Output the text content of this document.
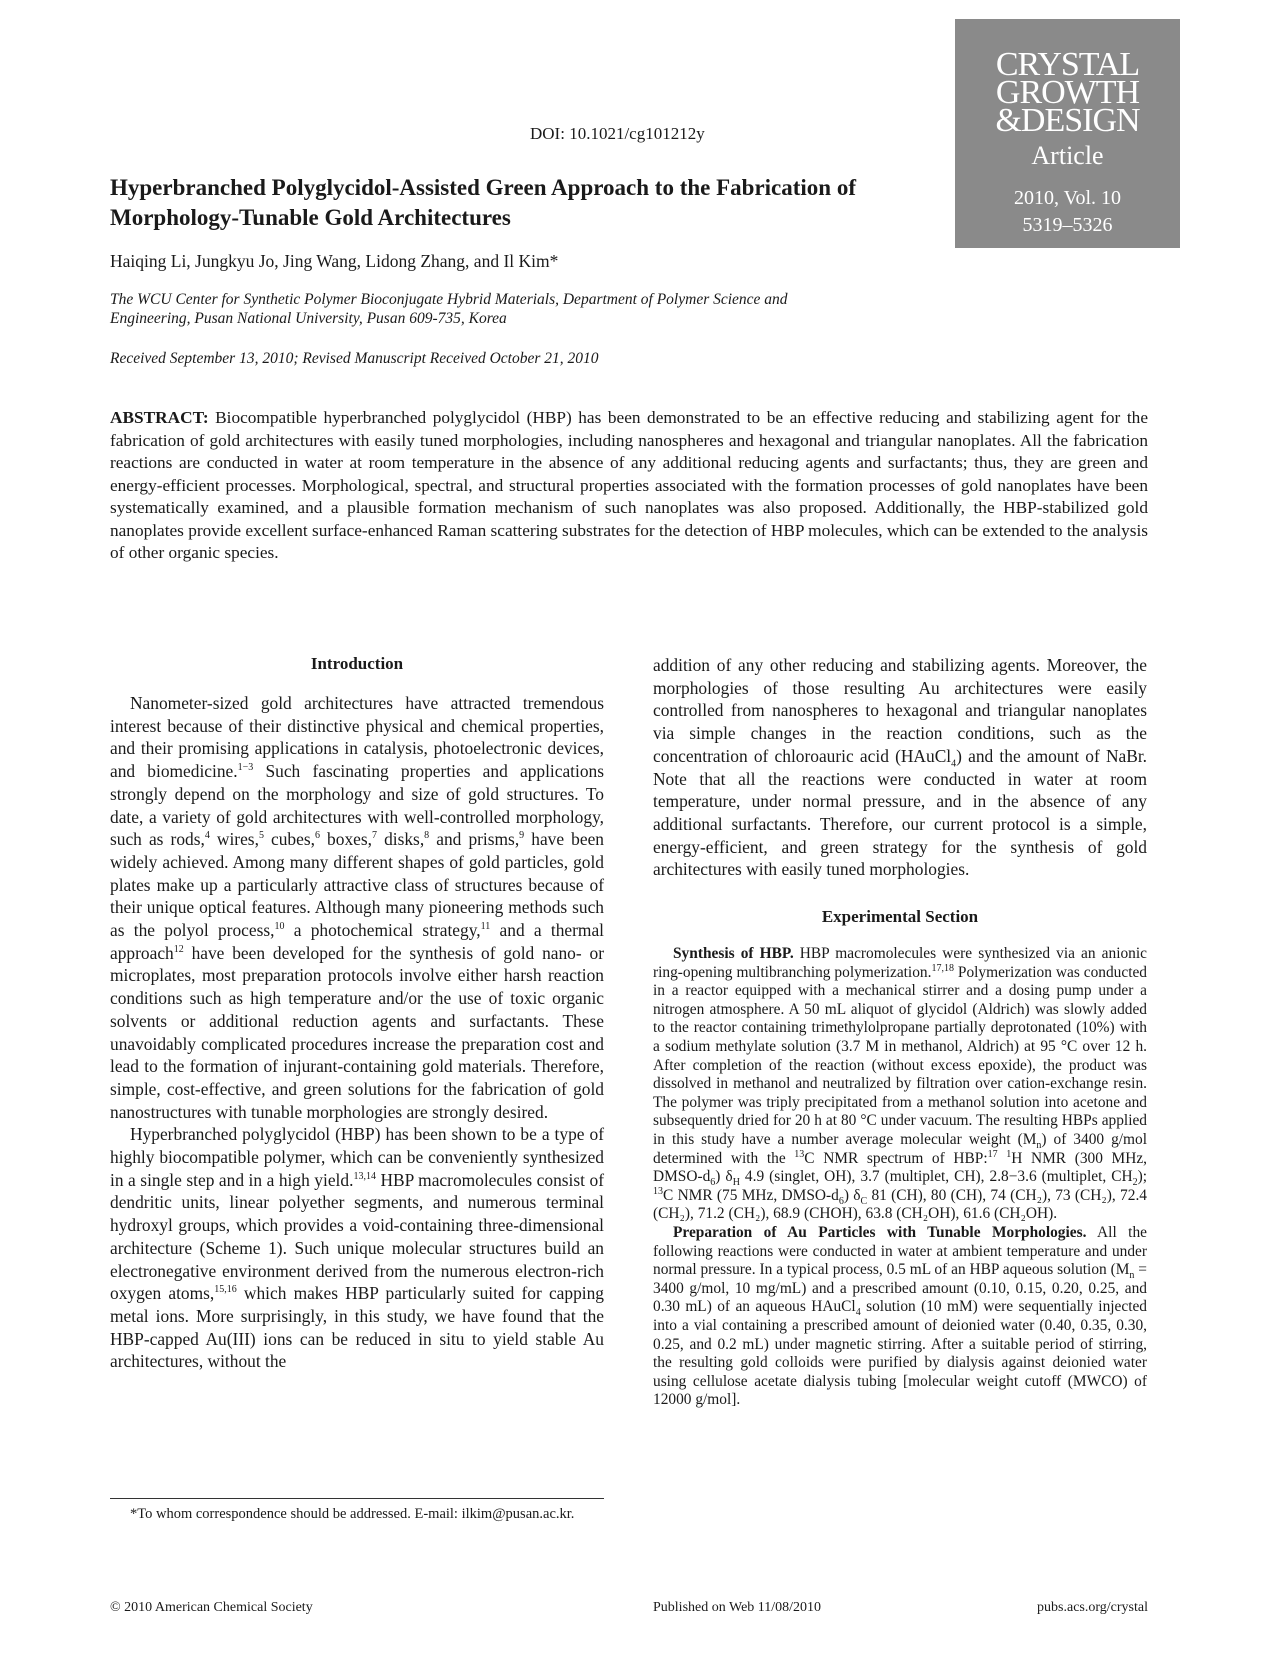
DOI: 10.1021/cg101212y
CRYSTAL
GROWTH
&DESIGN
Article
2010, Vol. 10
5319–5326
Hyperbranched Polyglycidol-Assisted Green Approach to the Fabrication of Morphology-Tunable Gold Architectures
Haiqing Li, Jungkyu Jo, Jing Wang, Lidong Zhang, and Il Kim*
The WCU Center for Synthetic Polymer Bioconjugate Hybrid Materials, Department of Polymer Science and Engineering, Pusan National University, Pusan 609-735, Korea
Received September 13, 2010; Revised Manuscript Received October 21, 2010
ABSTRACT: Biocompatible hyperbranched polyglycidol (HBP) has been demonstrated to be an effective reducing and stabilizing agent for the fabrication of gold architectures with easily tuned morphologies, including nanospheres and hexagonal and triangular nanoplates. All the fabrication reactions are conducted in water at room temperature in the absence of any additional reducing agents and surfactants; thus, they are green and energy-efficient processes. Morphological, spectral, and structural properties associated with the formation processes of gold nanoplates have been systematically examined, and a plausible formation mechanism of such nanoplates was also proposed. Additionally, the HBP-stabilized gold nanoplates provide excellent surface-enhanced Raman scattering substrates for the detection of HBP molecules, which can be extended to the analysis of other organic species.
Introduction

Nanometer-sized gold architectures have attracted tremendous interest because of their distinctive physical and chemical properties, and their promising applications in catalysis, photoelectronic devices, and biomedicine.$^{1-3}$ Such fascinating properties and applications strongly depend on the morphology and size of gold structures. To date, a variety of gold architectures with well-controlled morphology, such as rods,$^4$ wires,$^5$ cubes,$^6$ boxes,$^7$ disks,$^8$ and prisms,$^9$ have been widely achieved. Among many different shapes of gold particles, gold plates make up a particularly attractive class of structures because of their unique optical features. Although many pioneering methods such as the polyol process,$^{10}$ a photochemical strategy,$^{11}$ and a thermal approach$^{12}$ have been developed for the synthesis of gold nano- or microplates, most preparation protocols involve either harsh reaction conditions such as high temperature and/or the use of toxic organic solvents or additional reduction agents and surfactants. These unavoidably complicated procedures increase the preparation cost and lead to the formation of injurant-containing gold materials. Therefore, simple, cost-effective, and green solutions for the fabrication of gold nanostructures with tunable morphologies are strongly desired.

Hyperbranched polyglycidol (HBP) has been shown to be a type of highly biocompatible polymer, which can be conveniently synthesized in a single step and in a high yield.$^{13,14}$ HBP macromolecules consist of dendritic units, linear polyether segments, and numerous terminal hydroxyl groups, which provides a void-containing three-dimensional architecture (Scheme 1). Such unique molecular structures build an electronegative environment derived from the numerous electron-rich oxygen atoms,$^{15,16}$ which makes HBP particularly suited for capping metal ions. More surprisingly, in this study, we have found that the HBP-capped Au(III) ions can be reduced in situ to yield stable Au architectures, without the

addition of any other reducing and stabilizing agents. Moreover, the morphologies of those resulting Au architectures were easily controlled from nanospheres to hexagonal and triangular nanoplates via simple changes in the reaction conditions, such as the concentration of chloroauric acid (HAuCl$_4$) and the amount of NaBr. Note that all the reactions were conducted in water at room temperature, under normal pressure, and in the absence of any additional surfactants. Therefore, our current protocol is a simple, energy-efficient, and green strategy for the synthesis of gold architectures with easily tuned morphologies.

Experimental Section

Synthesis of HBP. HBP macromolecules were synthesized via an anionic ring-opening multibranching polymerization.$^{17,18}$ Polymerization was conducted in a reactor equipped with a mechanical stirrer and a dosing pump under a nitrogen atmosphere. A 50 mL aliquot of glycidol (Aldrich) was slowly added to the reactor containing trimethylolpropane partially deprotonated (10%) with a sodium methylate solution (3.7 M in methanol, Aldrich) at 95 °C over 12 h. After completion of the reaction (without excess epoxide), the product was dissolved in methanol and neutralized by filtration over cation-exchange resin. The polymer was triply precipitated from a methanol solution into acetone and subsequently dried for 20 h at 80 °C under vacuum. The resulting HBPs applied in this study have a number average molecular weight $(M_n)$ of 3400 g/mol determined with the $^{13}$C NMR spectrum of HBP:$^{17}$ $^1$H NMR (300 MHz, DMSO-$d_6$) $\delta_H$ 4.9 (singlet, OH), 3.7 (multiplet, CH), 2.8−3.6 (multiplet, $CH_2$); $^{13}$C NMR (75 MHz, DMSO-$d_6$) $\delta_C$ 81 (CH), 80 (CH), 74 (CH₂), 73 (CH₂), 72.4 (CH₂), 71.2 (CH₂), 68.9 (CHOH), 63.8 (CH₂OH), 61.6 (CH₂OH).

Preparation of Au Particles with Tunable Morphologies. All the following reactions were conducted in water at ambient temperature and under normal pressure. In a typical process, 0.5 mL of an HBP aqueous solution ($M_n = 3400$ g/mol, 10 mg/mL) and a prescribed amount (0.10, 0.15, 0.20, 0.25, and 0.30 mL) of an aqueous HAuCl$_4$ solution (10 mM) were sequentially injected into a vial containing a prescribed amount of deionied water (0.40, 0.35, 0.30, 0.25, and 0.2 mL) under magnetic stirring. After a suitable period of stirring, the resulting gold colloids were purified by dialysis against deionied water using cellulose acetate dialysis tubing [molecular weight cutoff (MWCO) of 12000 g/mol].

*To whom correspondence should be addressed. E-mail: ilkim@pusan.ac.kr.
© 2010 American Chemical Society	Published on Web 11/08/2010	pubs.acs.org/crystal
